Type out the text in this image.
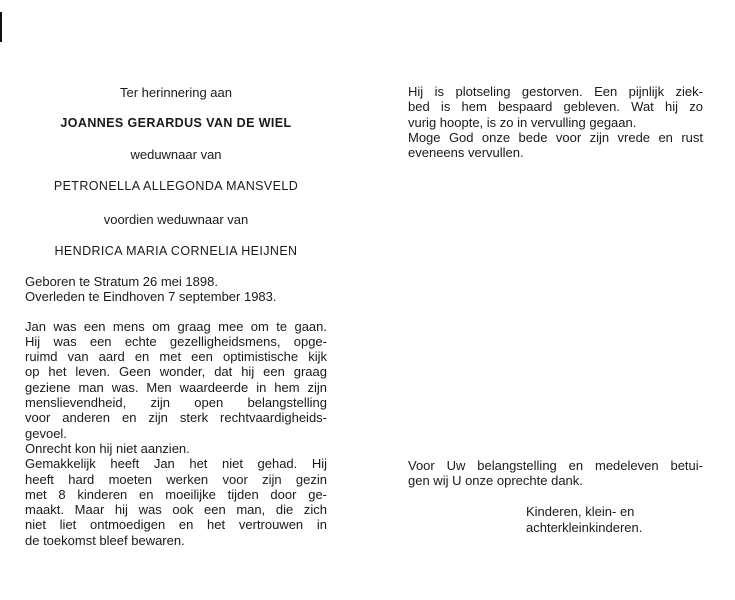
Ter herinnering aan

JOANNES GERARDUS VAN DE WIEL

weduwnaar van

PETRONELLA ALLEGONDA MANSVELD

voordien weduwnaar van

HENDRICA MARIA CORNELIA HEIJNEN

Geboren te Stratum 26 mei 1898.
Overleden te Eindhoven 7 september 1983.
Jan was een mens om graag mee om te gaan.
Hij was een echte gezelligheidsmens, opge-
ruimd van aard en met een optimistische kijk
op het leven. Geen wonder, dat hij een graag
geziene man was. Men waardeerde in hem zijn
menslievendheid, zijn open belangstelling
voor anderen en zijn sterk rechtvaardigheids-
gevoel.
Onrecht kon hij niet aanzien.
Gemakkelijk heeft Jan het niet gehad. Hij
heeft hard moeten werken voor zijn gezin
met 8 kinderen en moeilijke tijden door ge-
maakt. Maar hij was ook een man, die zich
niet liet ontmoedigen en het vertrouwen in
de toekomst bleef bewaren.
Hij is plotseling gestorven. Een pijnlijk ziek-
bed is hem bespaard gebleven. Wat hij zo
vurig hoopte, is zo in vervulling gegaan.
Moge God onze bede voor zijn vrede en rust
eveneens vervullen.
Voor Uw belangstelling en medeleven betui-
gen wij U onze oprechte dank.
Kinderen, klein- en
achterkleinkinderen.
